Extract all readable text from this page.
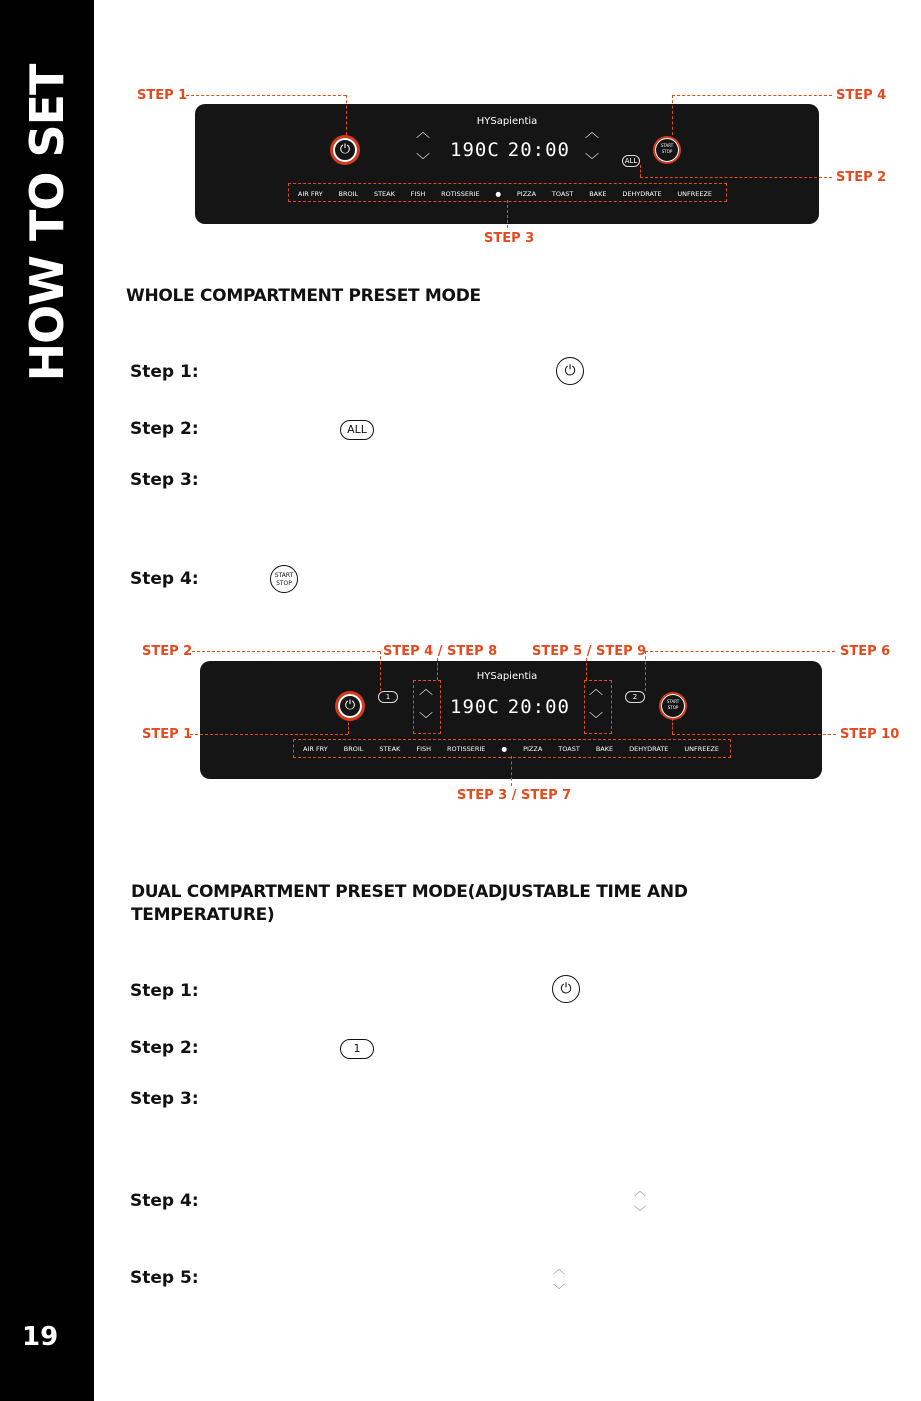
HOW TO SET
19
HYSapientia
⏻
︿
﹀ 190C 20:00
︿
﹀	ALL
START
STOP
AIR FRY BROIL STEAK FISH ROTISSERIE ● PIZZA TOAST BAKE DEHYDRATE UNFREEZE
STEP 1	STEP 4
STEP 2
STEP 3
WHOLE COMPARTMENT PRESET MODE
Step 1:	⏻
Step 2:	ALL
Step 3:
Step 4:	START
STOP
HYSapientia
⏻
1	︿
﹀
190C 20:00
︿
﹀
2
START
STOP
AIR FRY BROIL STEAK FISH ROTISSERIE ● PIZZA TOAST BAKE DEHYDRATE UNFREEZE
STEP 2	STEP 4 / STEP 8	STEP 5 / STEP 9	STEP 6
STEP 1	STEP 10
STEP 3 / STEP 7
DUAL COMPARTMENT PRESET MODE(ADJUSTABLE TIME AND
TEMPERATURE)
Step 1:	⏻
Step 2:	1
Step 3:
Step 4:	︿
﹀
Step 5:	︿
﹀
